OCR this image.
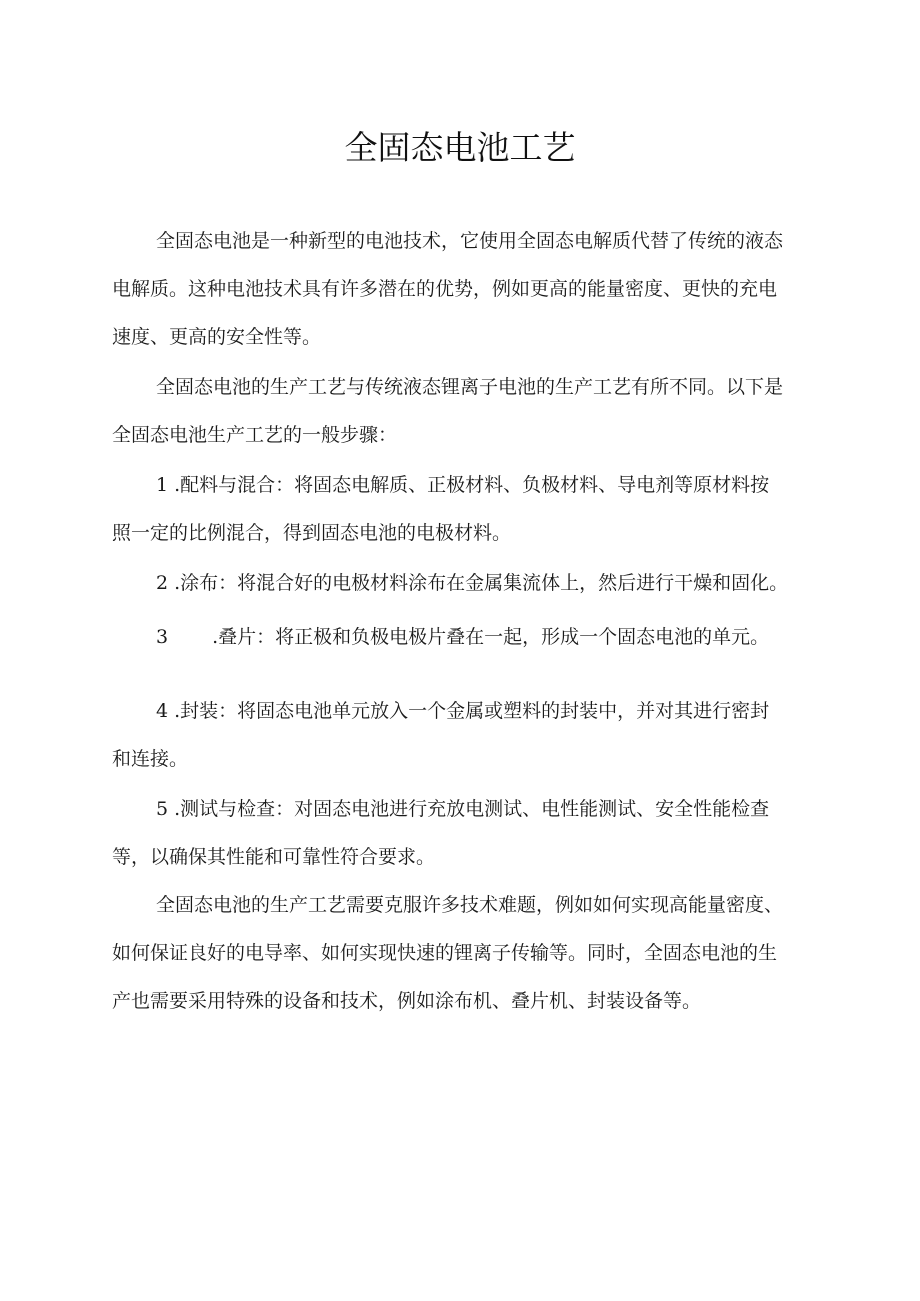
全固态电池工艺
全固态电池是一种新型的电池技术，它使用全固态电解质代替了传统的液态
电解质。这种电池技术具有许多潜在的优势，例如更高的能量密度、更快的充电
速度、更高的安全性等。
全固态电池的生产工艺与传统液态锂离子电池的生产工艺有所不同。以下是
全固态电池生产工艺的一般步骤：
1 .配料与混合：将固态电解质、正极材料、负极材料、导电剂等原材料按
照一定的比例混合，得到固态电池的电极材料。
2 .涂布：将混合好的电极材料涂布在金属集流体上，然后进行干燥和固化。
3 .叠片：将正极和负极电极片叠在一起，形成一个固态电池的单元。
4 .封装：将固态电池单元放入一个金属或塑料的封装中，并对其进行密封
和连接。
5 .测试与检查：对固态电池进行充放电测试、电性能测试、安全性能检查
等，以确保其性能和可靠性符合要求。
全固态电池的生产工艺需要克服许多技术难题，例如如何实现高能量密度、
如何保证良好的电导率、如何实现快速的锂离子传输等。同时，全固态电池的生
产也需要采用特殊的设备和技术，例如涂布机、叠片机、封装设备等。
